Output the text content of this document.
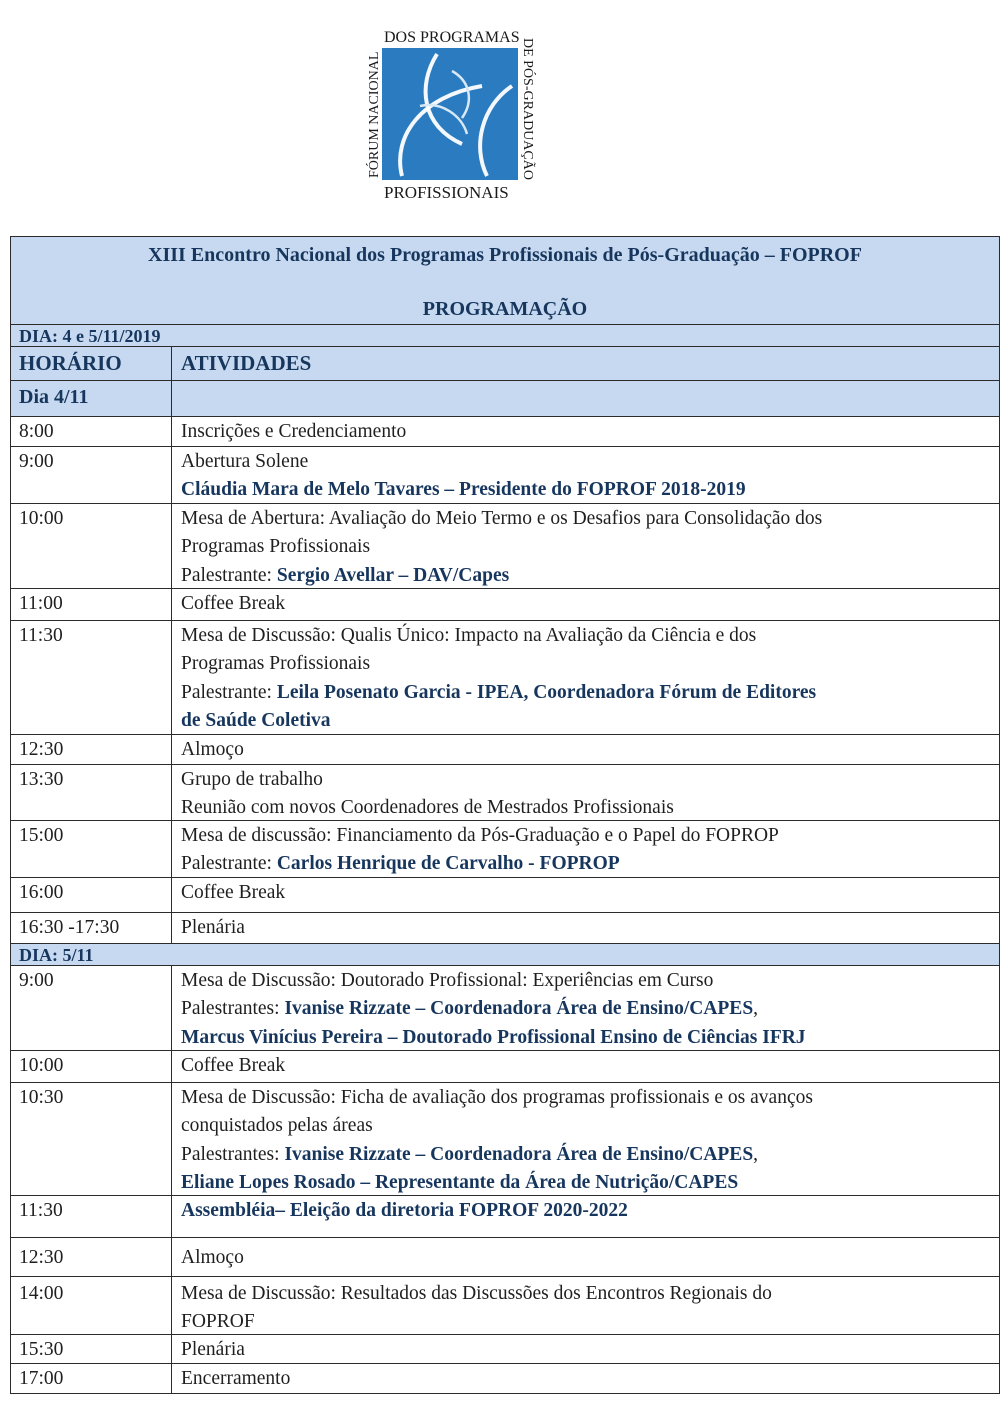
DOS PROGRAMAS
PROFISSIONAIS
FÓRUM NACIONAL	DE PÓS-GRADUAÇÃO
XIII Encontro Nacional dos Programas Profissionais de Pós-Graduação – FOPROF
PROGRAMAÇÃO
DIA: 4 e 5/11/2019
HORÁRIO	ATIVIDADES
Dia 4/11
8:00	Inscrições e Credenciamento
9:00	Abertura Solene
Cláudia Mara de Melo Tavares – Presidente do FOPROF 2018-2019
10:00	Mesa de Abertura: Avaliação do Meio Termo e os Desafios para Consolidação dos
Programas Profissionais
Palestrante: Sergio Avellar – DAV/Capes
11:00	Coffee Break
11:30	Mesa de Discussão: Qualis Único: Impacto na Avaliação da Ciência e dos
Programas Profissionais
Palestrante: Leila Posenato Garcia - IPEA, Coordenadora Fórum de Editores
de Saúde Coletiva
12:30	Almoço
13:30	Grupo de trabalho
Reunião com novos Coordenadores de Mestrados Profissionais
15:00	Mesa de discussão: Financiamento da Pós-Graduação e o Papel do FOPROP
Palestrante: Carlos Henrique de Carvalho - FOPROP
16:00	Coffee Break
16:30 -17:30	Plenária
DIA: 5/11
9:00	Mesa de Discussão: Doutorado Profissional: Experiências em Curso
Palestrantes: Ivanise Rizzate – Coordenadora Área de Ensino/CAPES,
Marcus Vinícius Pereira – Doutorado Profissional Ensino de Ciências IFRJ
10:00	Coffee Break
10:30	Mesa de Discussão: Ficha de avaliação dos programas profissionais e os avanços
conquistados pelas áreas
Palestrantes: Ivanise Rizzate – Coordenadora Área de Ensino/CAPES,
Eliane Lopes Rosado – Representante da Área de Nutrição/CAPES
11:30	Assembléia– Eleição da diretoria FOPROF 2020-2022
12:30	Almoço
14:00	Mesa de Discussão: Resultados das Discussões dos Encontros Regionais do
FOPROF
15:30	Plenária
17:00	Encerramento
